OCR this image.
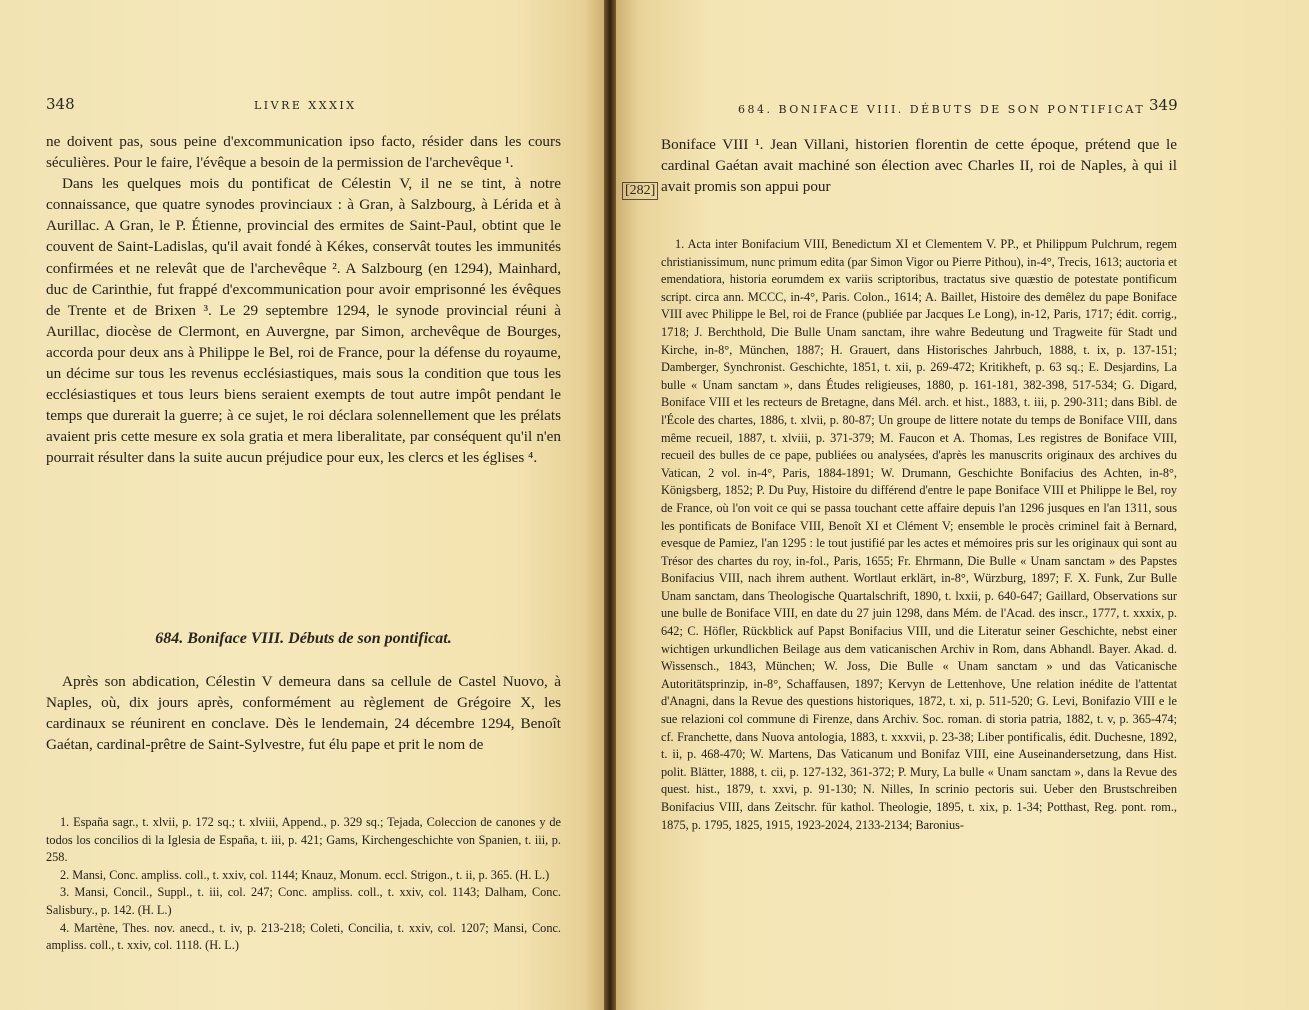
348	LIVRE XXXIX

ne doivent pas, sous peine d'excommunication ipso facto, résider dans les cours séculières. Pour le faire, l'évêque a besoin de la permission de l'archevêque ¹.

Dans les quelques mois du pontificat de Célestin V, il ne se tint, à notre connaissance, que quatre synodes provinciaux : à Gran, à Salzbourg, à Lérida et à Aurillac. A Gran, le P. Étienne, provincial des ermites de Saint-Paul, obtint que le couvent de Saint-Ladislas, qu'il avait fondé à Kékes, conservât toutes les immunités confirmées et ne relevât que de l'archevêque ². A Salzbourg (en 1294), Mainhard, duc de Carinthie, fut frappé d'excommunication pour avoir emprisonné les évêques de Trente et de Brixen ³. Le 29 septembre 1294, le synode provincial réuni à Aurillac, diocèse de Clermont, en Auvergne, par Simon, archevêque de Bourges, accorda pour deux ans à Philippe le Bel, roi de France, pour la défense du royaume, un décime sur tous les revenus ecclésiastiques, mais sous la condition que tous les ecclésiastiques et tous leurs biens seraient exempts de tout autre impôt pendant le temps que durerait la guerre; à ce sujet, le roi déclara solennellement que les prélats avaient pris cette mesure ex sola gratia et mera liberalitate, par conséquent qu'il n'en pourrait résulter dans la suite aucun préjudice pour eux, les clercs et les églises ⁴.

684. Boniface VIII. Débuts de son pontificat.

Après son abdication, Célestin V demeura dans sa cellule de Castel Nuovo, à Naples, où, dix jours après, conformément au règlement de Grégoire X, les cardinaux se réunirent en conclave. Dès le lendemain, 24 décembre 1294, Benoît Gaétan, cardinal-prêtre de Saint-Sylvestre, fut élu pape et prit le nom de

1. España sagr., t. xlvii, p. 172 sq.; t. xlviii, Append., p. 329 sq.; Tejada, Coleccion de canones y de todos los concilios di la Iglesia de España, t. iii, p. 421; Gams, Kirchengeschichte von Spanien, t. iii, p. 258.

2. Mansi, Conc. ampliss. coll., t. xxiv, col. 1144; Knauz, Monum. eccl. Strigon., t. ii, p. 365. (H. L.)

3. Mansi, Concil., Suppl., t. iii, col. 247; Conc. ampliss. coll., t. xxiv, col. 1143; Dalham, Conc. Salisbury., p. 142. (H. L.)

4. Martène, Thes. nov. anecd., t. iv, p. 213-218; Coleti, Concilia, t. xxiv, col. 1207; Mansi, Conc. ampliss. coll., t. xxiv, col. 1118. (H. L.)

684. BONIFACE VIII. DÉBUTS DE SON PONTIFICAT 349
[282]

Boniface VIII ¹. Jean Villani, historien florentin de cette époque, prétend que le cardinal Gaétan avait machiné son élection avec Charles II, roi de Naples, à qui il avait promis son appui pour

1. Acta inter Bonifacium VIII, Benedictum XI et Clementem V. PP., et Philippum Pulchrum, regem christianissimum, nunc primum edita (par Simon Vigor ou Pierre Pithou), in-4°, Trecis, 1613; auctoria et emendatiora, historia eorumdem ex variis scriptoribus, tractatus sive quæstio de potestate pontificum script. circa ann. MCCC, in-4°, Paris. Colon., 1614; A. Baillet, Histoire des demêlez du pape Boniface VIII avec Philippe le Bel, roi de France (publiée par Jacques Le Long), in-12, Paris, 1717; édit. corrig., 1718; J. Berchthold, Die Bulle Unam sanctam, ihre wahre Bedeutung und Tragweite für Stadt und Kirche, in-8°, München, 1887; H. Grauert, dans Historisches Jahrbuch, 1888, t. ix, p. 137-151; Damberger, Synchronist. Geschichte, 1851, t. xii, p. 269-472; Kritikheft, p. 63 sq.; E. Desjardins, La bulle « Unam sanctam », dans Études religieuses, 1880, p. 161-181, 382-398, 517-534; G. Digard, Boniface VIII et les recteurs de Bretagne, dans Mél. arch. et hist., 1883, t. iii, p. 290-311; dans Bibl. de l'École des chartes, 1886, t. xlvii, p. 80-87; Un groupe de littere notate du temps de Boniface VIII, dans même recueil, 1887, t. xlviii, p. 371-379; M. Faucon et A. Thomas, Les registres de Boniface VIII, recueil des bulles de ce pape, publiées ou analysées, d'après les manuscrits originaux des archives du Vatican, 2 vol. in-4°, Paris, 1884-1891; W. Drumann, Geschichte Bonifacius des Achten, in-8°, Königsberg, 1852; P. Du Puy, Histoire du différend d'entre le pape Boniface VIII et Philippe le Bel, roy de France, où l'on voit ce qui se passa touchant cette affaire depuis l'an 1296 jusques en l'an 1311, sous les pontificats de Boniface VIII, Benoît XI et Clément V; ensemble le procès criminel fait à Bernard, evesque de Pamiez, l'an 1295 : le tout justifié par les actes et mémoires pris sur les originaux qui sont au Trésor des chartes du roy, in-fol., Paris, 1655; Fr. Ehrmann, Die Bulle « Unam sanctam » des Papstes Bonifacius VIII, nach ihrem authent. Wortlaut erklärt, in-8°, Würzburg, 1897; F. X. Funk, Zur Bulle Unam sanctam, dans Theologische Quartalschrift, 1890, t. lxxii, p. 640-647; Gaillard, Observations sur une bulle de Boniface VIII, en date du 27 juin 1298, dans Mém. de l'Acad. des inscr., 1777, t. xxxix, p. 642; C. Höfler, Rückblick auf Papst Bonifacius VIII, und die Literatur seiner Geschichte, nebst einer wichtigen urkundlichen Beilage aus dem vaticanischen Archiv in Rom, dans Abhandl. Bayer. Akad. d. Wissensch., 1843, München; W. Joss, Die Bulle « Unam sanctam » und das Vaticanische Autoritätsprinzip, in-8°, Schaffausen, 1897; Kervyn de Lettenhove, Une relation inédite de l'attentat d'Anagni, dans la Revue des questions historiques, 1872, t. xi, p. 511-520; G. Levi, Bonifazio VIII e le sue relazioni col commune di Firenze, dans Archiv. Soc. roman. di storia patria, 1882, t. v, p. 365-474; cf. Franchette, dans Nuova antologia, 1883, t. xxxvii, p. 23-38; Liber pontificalis, édit. Duchesne, 1892, t. ii, p. 468-470; W. Martens, Das Vaticanum und Bonifaz VIII, eine Auseinandersetzung, dans Hist. polit. Blätter, 1888, t. cii, p. 127-132, 361-372; P. Mury, La bulle « Unam sanctam », dans la Revue des quest. hist., 1879, t. xxvi, p. 91-130; N. Nilles, In scrinio pectoris sui. Ueber den Brustschreiben Bonifacius VIII, dans Zeitschr. für kathol. Theologie, 1895, t. xix, p. 1-34; Potthast, Reg. pont. rom., 1875, p. 1795, 1825, 1915, 1923-2024, 2133-2134; Baronius-
